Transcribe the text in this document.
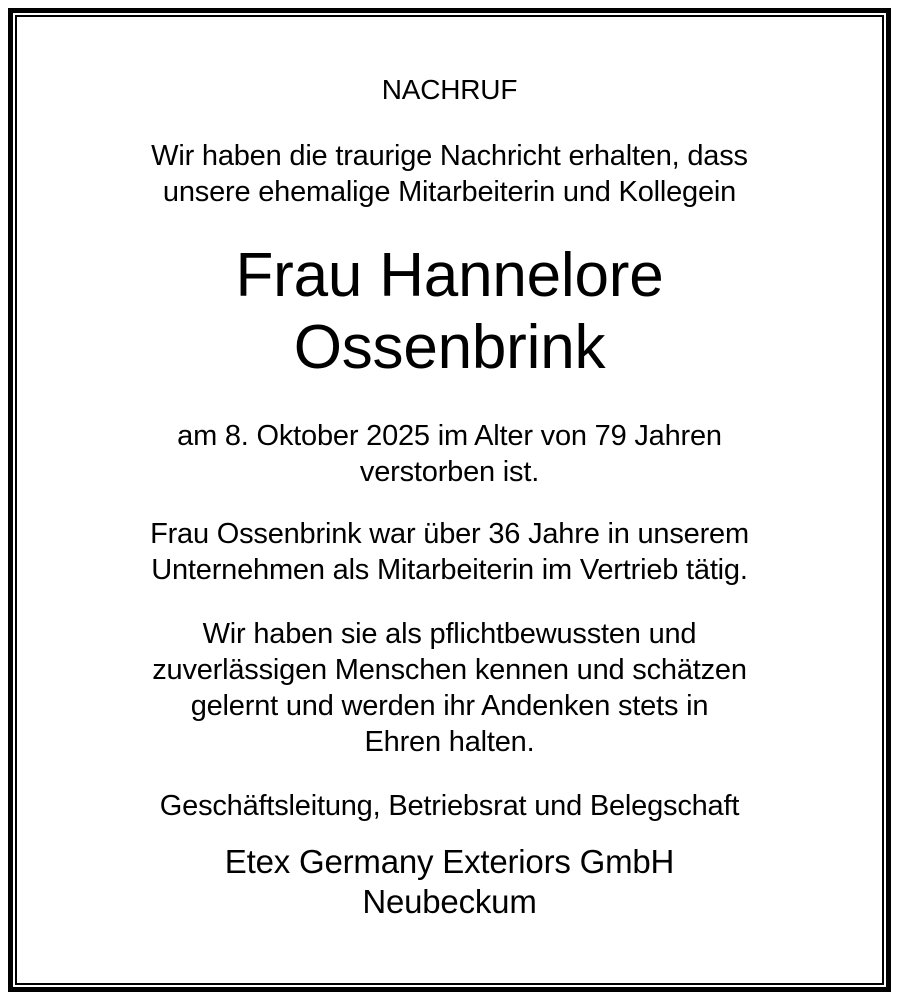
NACHRUF
Wir haben die traurige Nachricht erhalten, dass
unsere ehemalige Mitarbeiterin und Kollegein
Frau Hannelore
Ossenbrink
am 8. Oktober 2025 im Alter von 79 Jahren
verstorben ist.
Frau Ossenbrink war über 36 Jahre in unserem
Unternehmen als Mitarbeiterin im Vertrieb tätig.
Wir haben sie als pflichtbewussten und
zuverlässigen Menschen kennen und schätzen
gelernt und werden ihr Andenken stets in
Ehren halten.
Geschäftsleitung, Betriebsrat und Belegschaft
Etex Germany Exteriors GmbH
Neubeckum
